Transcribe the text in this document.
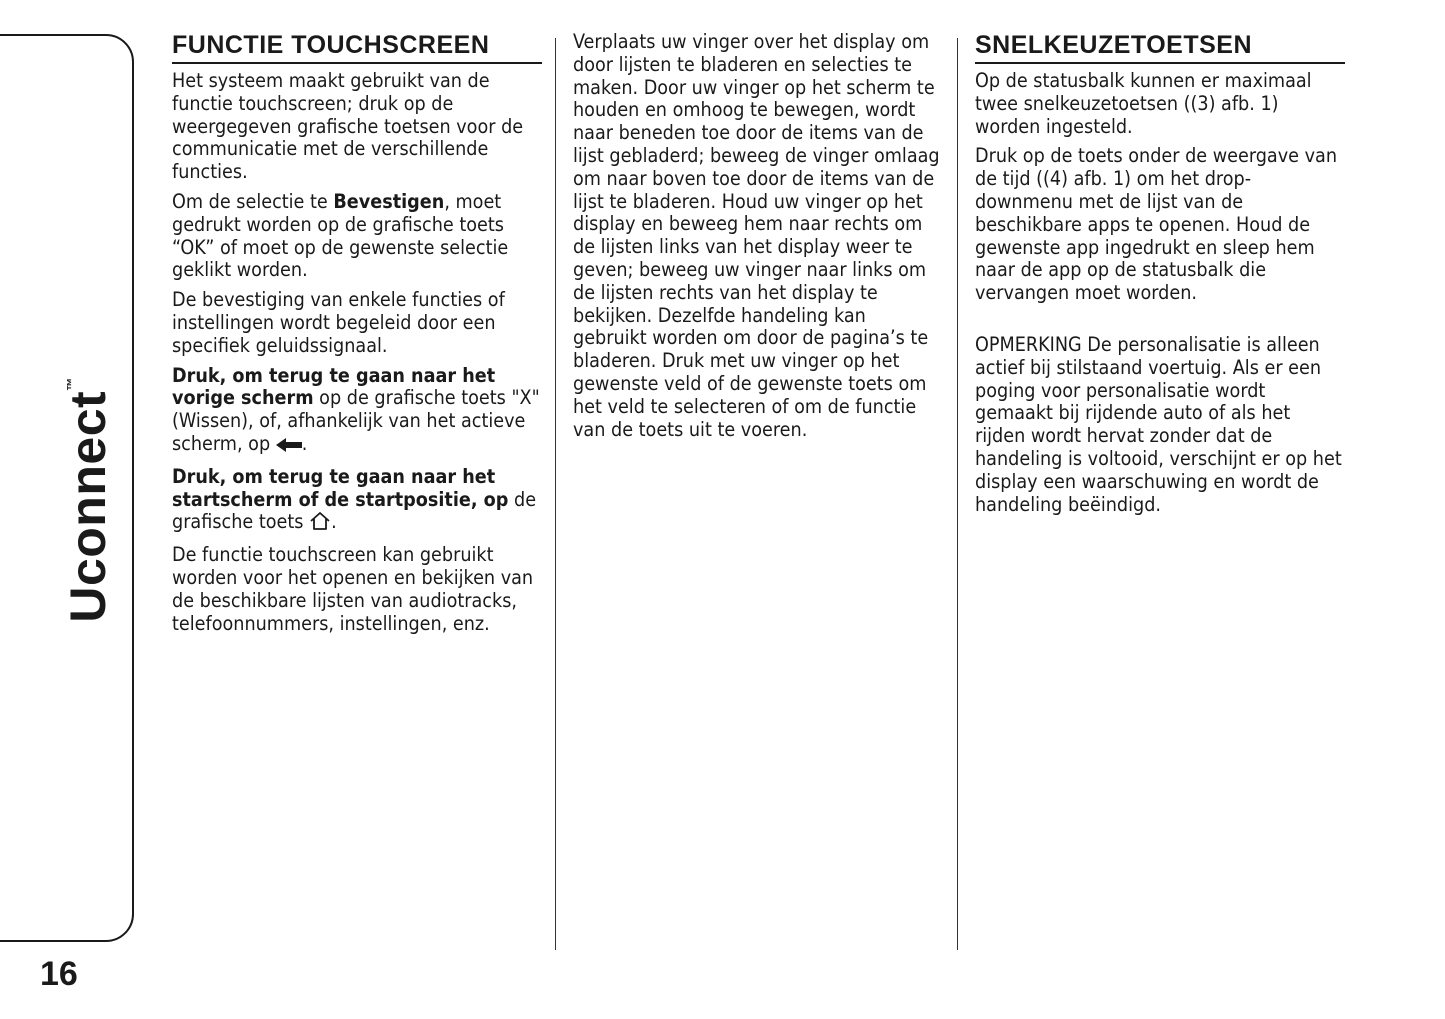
Uconnect™
16
FUNCTIE TOUCHSCREEN

Het systeem maakt gebruikt van de functie touchscreen; druk op de weergegeven grafische toetsen voor de communicatie met de verschillende functies.

Om de selectie te Bevestigen, moet gedrukt worden op de grafische toets “OK” of moet op de gewenste selectie geklikt worden.

De bevestiging van enkele functies of instellingen wordt begeleid door een specifiek geluidssignaal.

Druk, om terug te gaan naar het vorige scherm op de grafische toets "X" (Wissen), of, afhankelijk van het actieve scherm, op .

Druk, om terug te gaan naar het startscherm of de startpositie, op de grafische toets .

De functie touchscreen kan gebruikt worden voor het openen en bekijken van de beschikbare lijsten van audiotracks, telefoonnummers, instellingen, enz.

Verplaats uw vinger over het display om door lijsten te bladeren en selecties te maken. Door uw vinger op het scherm te houden en omhoog te bewegen, wordt naar beneden toe door de items van de lijst gebladerd; beweeg de vinger omlaag om naar boven toe door de items van de lijst te bladeren. Houd uw vinger op het display en beweeg hem naar rechts om de lijsten links van het display weer te geven; beweeg uw vinger naar links om de lijsten rechts van het display te bekijken. Dezelfde handeling kan gebruikt worden om door de pagina’s te bladeren. Druk met uw vinger op het gewenste veld of de gewenste toets om het veld te selecteren of om de functie van de toets uit te voeren.

SNELKEUZETOETSEN

Op de statusbalk kunnen er maximaal twee snelkeuzetoetsen ((3) afb. 1) worden ingesteld.

Druk op de toets onder de weergave van de tijd ((4) afb. 1) om het drop-downmenu met de lijst van de beschikbare apps te openen. Houd de gewenste app ingedrukt en sleep hem naar de app op de statusbalk die vervangen moet worden.

OPMERKING De personalisatie is alleen actief bij stilstaand voertuig. Als er een poging voor personalisatie wordt gemaakt bij rijdende auto of als het rijden wordt hervat zonder dat de handeling is voltooid, verschijnt er op het display een waarschuwing en wordt de handeling beëindigd.
